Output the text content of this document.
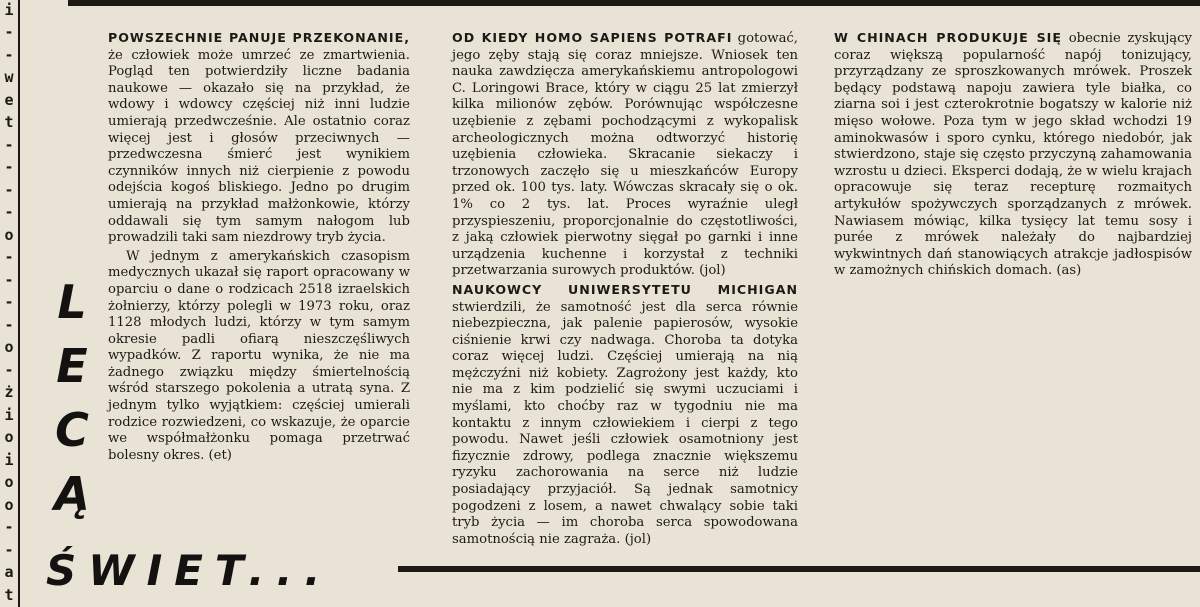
i
-
-
w
e
t
-
-
-
-
o
-
-
-
-
o
-
ż
i
o
i
o
o
-
-
a
t
L
E
C
Ą
ŚWIET...

POWSZECHNIE PANUJE PRZEKONANIE, że człowiek może umrzeć ze zmartwienia. Pogląd ten potwierdziły liczne badania naukowe — okazało się na przykład, że wdowy i wdowcy częściej niż inni ludzie umierają przedwcześnie. Ale ostatnio coraz więcej jest i głosów przeciwnych — przedwczesna śmierć jest wynikiem czynników innych niż cierpienie z powodu odejścia kogoś bliskiego. Jedno po drugim umierają na przykład małżonkowie, którzy oddawali się tym samym nałogom lub prowadzili taki sam niezdrowy tryb życia.

W jednym z amerykańskich czasopism medycznych ukazał się raport opracowany w oparciu o dane o rodzicach 2518 izraelskich żołnierzy, którzy polegli w 1973 roku, oraz 1128 młodych ludzi, którzy w tym samym okresie padli ofiarą nieszczęśliwych wypadków. Z raportu wynika, że nie ma żadnego związku między śmiertelnością wśród starszego pokolenia a utratą syna. Z jednym tylko wyjątkiem: częściej umierali rodzice rozwiedzeni, co wskazuje, że oparcie we współmałżonku pomaga przetrwać bolesny okres. (et)

OD KIEDY HOMO SAPIENS POTRAFI gotować, jego zęby stają się coraz mniejsze. Wniosek ten nauka zawdzięcza amerykańskiemu antropologowi C. Loringowi Brace, który w ciągu 25 lat zmierzył kilka milionów zębów. Porównując współczesne uzębienie z zębami pochodzącymi z wykopalisk archeologicznych można odtworzyć historię uzębienia człowieka. Skracanie siekaczy i trzonowych zaczęło się u mieszkańców Europy przed ok. 100 tys. laty. Wówczas skracały się o ok. 1% co 2 tys. lat. Proces wyraźnie uległ przyspieszeniu, proporcjonalnie do częstotliwości, z jaką człowiek pierwotny sięgał po garnki i inne urządzenia kuchenne i korzystał z techniki przetwarzania surowych produktów. (jol)

NAUKOWCY UNIWERSYTETU MICHIGAN stwierdzili, że samotność jest dla serca równie niebezpieczna, jak palenie papierosów, wysokie ciśnienie krwi czy nadwaga. Choroba ta dotyka coraz więcej ludzi. Częściej umierają na nią mężczyźni niż kobiety. Zagrożony jest każdy, kto nie ma z kim podzielić się swymi uczuciami i myślami, kto choćby raz w tygodniu nie ma kontaktu z innym człowiekiem i cierpi z tego powodu. Nawet jeśli człowiek osamotniony jest fizycznie zdrowy, podlega znacznie większemu ryzyku zachorowania na serce niż ludzie posiadający przyjaciół. Są jednak samotnicy pogodzeni z losem, a nawet chwalący sobie taki tryb życia — im choroba serca spowodowana samotnością nie zagraża. (jol)

W CHINACH PRODUKUJE SIĘ obecnie zyskujący coraz większą popularność napój tonizujący, przyrządzany ze sproszkowanych mrówek. Proszek będący podstawą napoju zawiera tyle białka, co ziarna soi i jest czterokrotnie bogatszy w kalorie niż mięso wołowe. Poza tym w jego skład wchodzi 19 aminokwasów i sporo cynku, którego niedobór, jak stwierdzono, staje się często przyczyną zahamowania wzrostu u dzieci. Eksperci dodają, że w wielu krajach opracowuje się teraz recepturę rozmaitych artykułów spożywczych sporządzanych z mrówek. Nawiasem mówiąc, kilka tysięcy lat temu sosy i purée z mrówek należały do najbardziej wykwintnych dań stanowiących atrakcje jadłospisów w zamożnych chińskich domach. (as)
